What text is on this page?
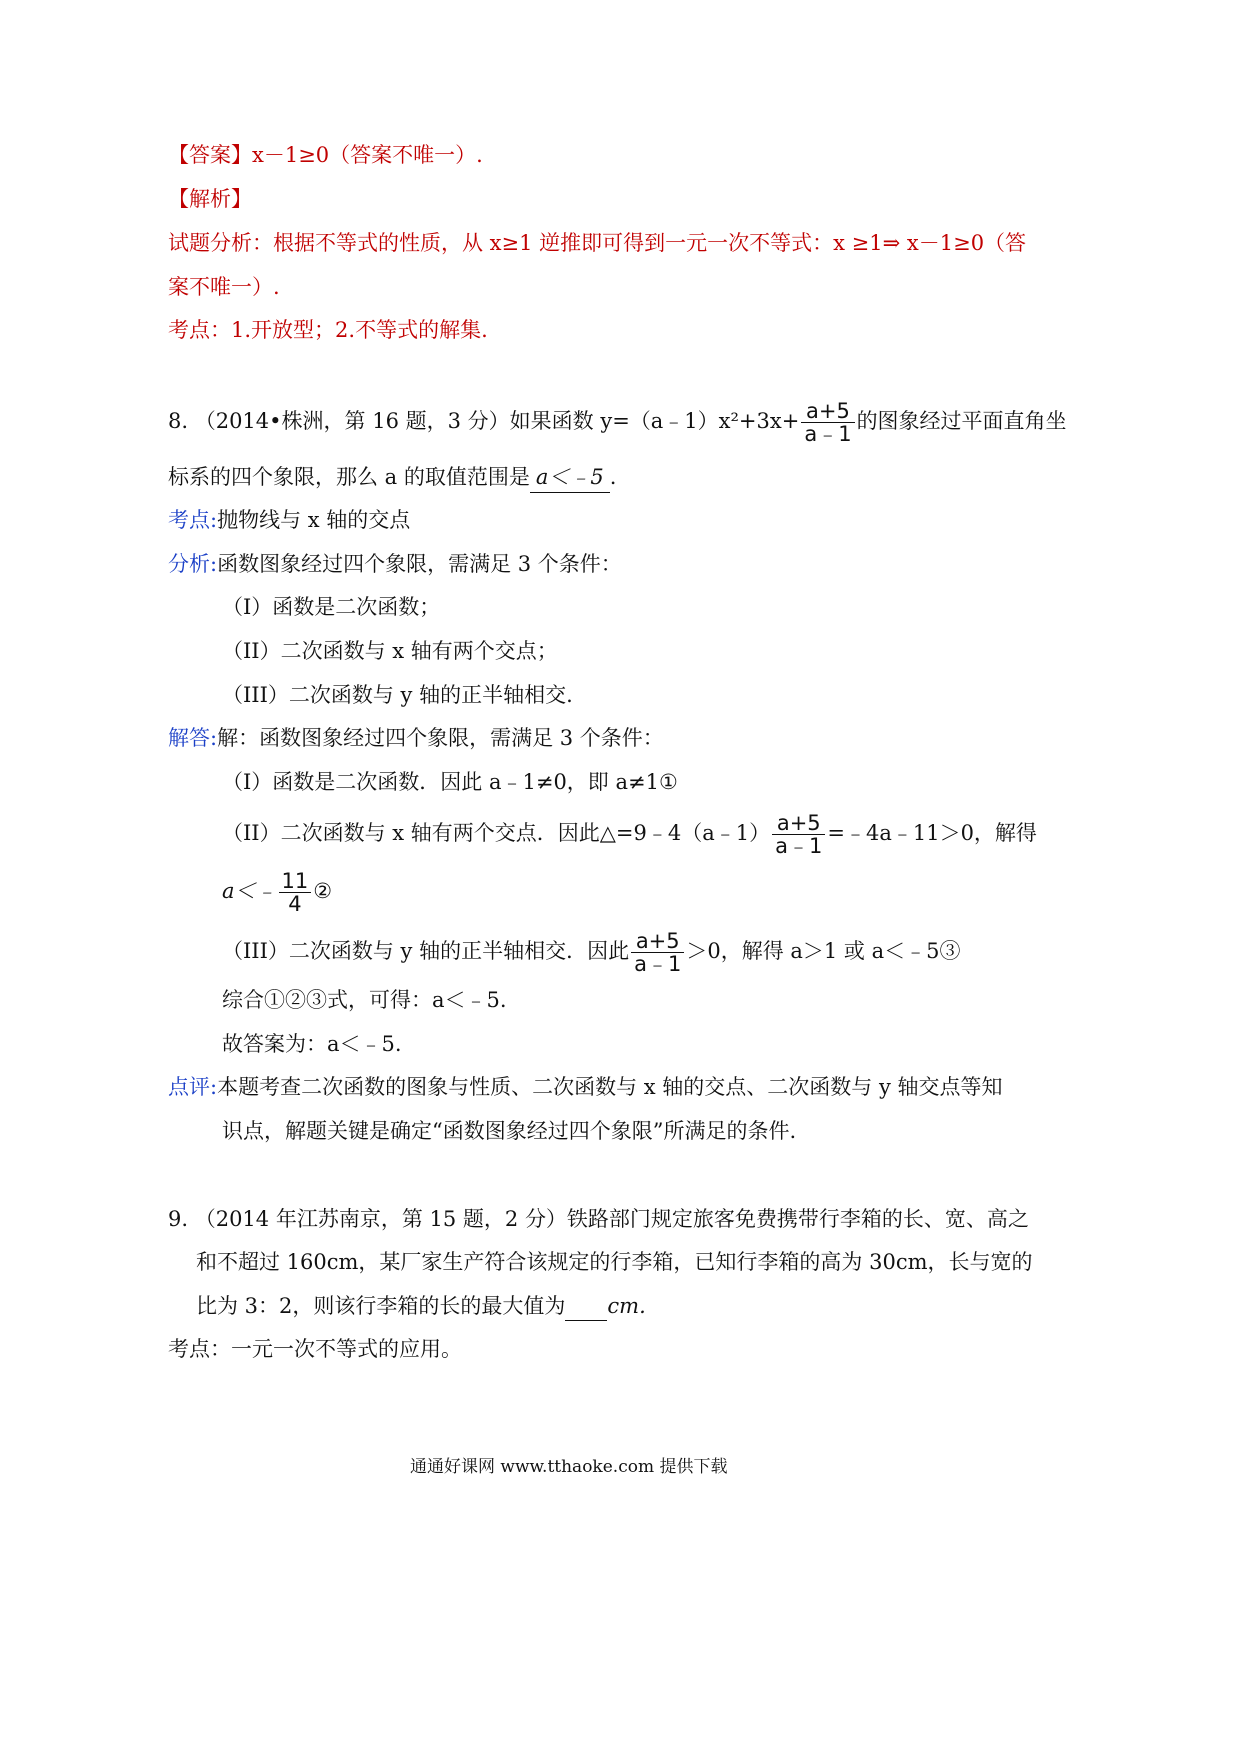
【答案】x－1≥0（答案不唯一）.
【解析】
试题分析：根据不等式的性质，从 x≥1 逆推即可得到一元一次不等式：x ≥1⇒ x－1≥0（答
案不唯一）.
考点：1.开放型；2.不等式的解集.
8. （2014•株洲，第 16 题，3 分）如果函数 y=（a﹣1）x²+3x+ $\frac{a+5}{a﹣1}$ 的图象经过平面直角坐
标系的四个象限，那么 a 的取值范围是 a＜﹣5 .
考点:抛物线与 x 轴的交点
分析:函数图象经过四个象限，需满足 3 个条件：
（I）函数是二次函数；
（II）二次函数与 x 轴有两个交点；
（III）二次函数与 y 轴的正半轴相交.
解答:解：函数图象经过四个象限，需满足 3 个条件：
（I）函数是二次函数．因此 a﹣1≠0，即 a≠1①
（II）二次函数与 x 轴有两个交点．因此△=9﹣4（a﹣1） $\frac{a+5}{a﹣1}$ =﹣4a﹣11＞0，解得
a＜﹣ $\frac{11}{4}$ ②
（III）二次函数与 y 轴的正半轴相交．因此 $\frac{a+5}{a﹣1} >0$，解得 a＞1 或 a＜﹣5③
综合①②③式，可得：a＜﹣5.
故答案为：a＜﹣5.
点评:本题考查二次函数的图象与性质、二次函数与 x 轴的交点、二次函数与 y 轴交点等知
识点，解题关键是确定“函数图象经过四个象限”所满足的条件.
9. （2014 年江苏南京，第 15 题，2 分）铁路部门规定旅客免费携带行李箱的长、宽、高之
和不超过 160cm，某厂家生产符合该规定的行李箱，已知行李箱的高为 30cm，长与宽的
比为 3：2，则该行李箱的长的最大值为 cm.
考点：一元一次不等式的应用。
通通好课网 www.tthaoke.com 提供下载
